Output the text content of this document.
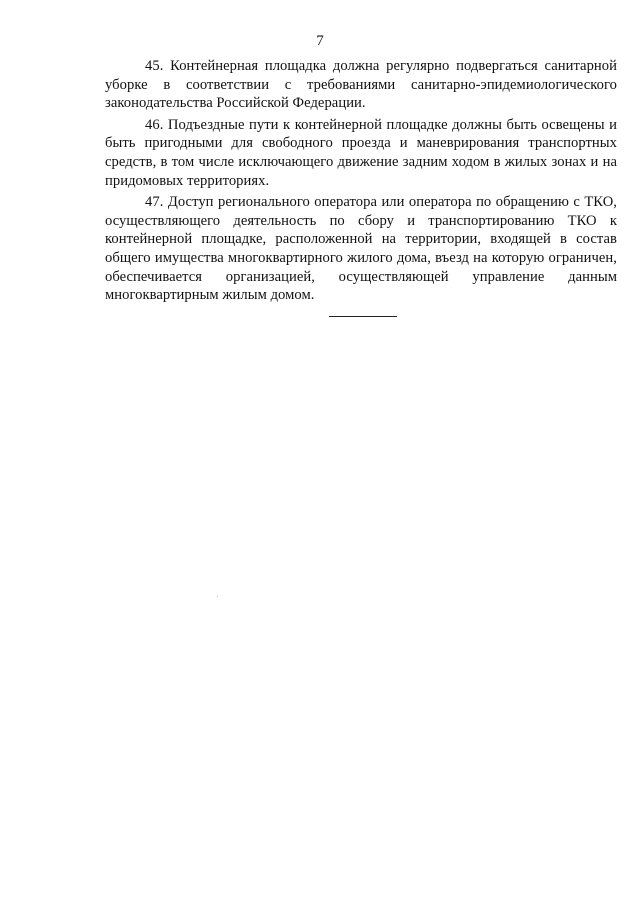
7

45. Контейнерная площадка должна регулярно подвергаться санитарной уборке в соответствии с требованиями санитарно-эпидемиологического законодательства Российской Федерации.

46. Подъездные пути к контейнерной площадке должны быть освещены и быть пригодными для свободного проезда и маневрирования транспортных средств, в том числе исключающего движение задним ходом в жилых зонах и на придомовых территориях.

47. Доступ регионального оператора или оператора по обращению с ТКО, осуществляющего деятельность по сбору и транспортированию ТКО к контейнерной площадке, расположенной на территории, входящей в состав общего имущества многоквартирного жилого дома, въезд на которую ограничен, обеспечивается организацией, осуществляющей управление данным многоквартирным жилым домом.
